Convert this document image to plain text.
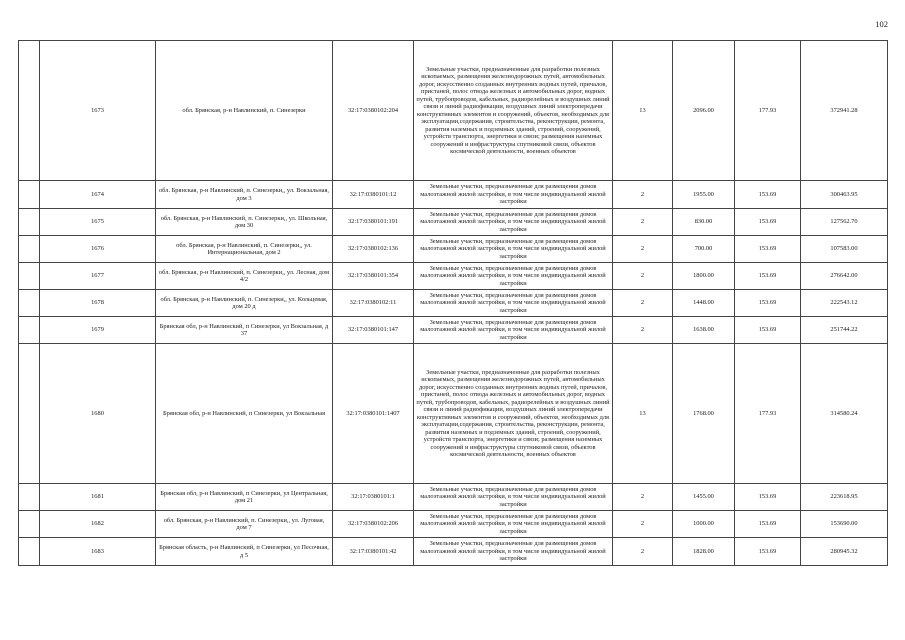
102
	1673	обл. Брянская, р-н Навлинский, п. Синезерки	32:17:0380102:204	Земельные участки, предназначенные для разработки полезных ископаемых, размещения железнодорожных путей, автомобильных дорог, искусственно созданных внутренних водных путей, причалов, пристаней, полос отвода железных и автомобильных дорог, водных путей, трубопроводов, кабельных, радиорелейных и воздушных линий связи и линий радиофикации, воздушных линий электропередачи конструктивных элементов и сооружений, объектов, необходимых для эксплуатации,содержания, строительства, реконструкции, ремонта, развития наземных и подземных зданий, строений, сооружений, устройств транспорта, энергетики и связи; размещения наземных сооружений и инфраструктуры спутниковой связи, объектов космической деятельности, военных объектов	13	2096.00	177.93	372941.28
	1674	обл. Брянская, р-н Навлинский, п. Синезерки,, ул. Вокзальная, дом 3	32:17:0380101:12	Земельные участки, предназначенные для размещения домов малоэтажной жилой застройки, в том числе индивидуальной жилой застройки	2	1955.00	153.69	300463.95
	1675	обл. Брянская, р-н Навлинский, п. Синезерки,, ул. Школьная, дом 30	32:17:0380101:191	Земельные участки, предназначенные для размещения домов малоэтажной жилой застройки, в том числе индивидуальной жилой застройки	2	830.00	153.69	127562.70
	1676	обл. Брянская, р-н Навлинский, п. Синезерки,, ул. Интернациональная, дом 2	32:17:0380102:136	Земельные участки, предназначенные для размещения домов малоэтажной жилой застройки, в том числе индивидуальной жилой застройки	2	700.00	153.69	107583.00
	1677	обл. Брянская, р-н Навлинский, п. Синезерки,, ул. Лесная, дом 4/2	32:17:0380101:354	Земельные участки, предназначенные для размещения домов малоэтажной жилой застройки, в том числе индивидуальной жилой застройки	2	1800.00	153.69	276642.00
	1678	обл. Брянская, р-н Навлинский, п. Синезерки,, ул. Кольцевая, дом 20 д	32:17:0380102:11	Земельные участки, предназначенные для размещения домов малоэтажной жилой застройки, в том числе индивидуальной жилой застройки	2	1448.00	153.69	222543.12
	1679	Брянская обл, р-н Навлинский, п Синезерки, ул Вокзальная, д 37	32:17:0380101:147	Земельные участки, предназначенные для размещения домов малоэтажной жилой застройки, в том числе индивидуальной жилой застройки	2	1638.00	153.69	251744.22
	1680	Брянская обл, р-н Навлинский, п Синезерки, ул Вокзальная	32:17:0380101:1407	Земельные участки, предназначенные для разработки полезных ископаемых, размещения железнодорожных путей, автомобильных дорог, искусственно созданных внутренних водных путей, причалов, пристаней, полос отвода железных и автомобильных дорог, водных путей, трубопроводов, кабельных, радиорелейных и воздушных линий связи и линий радиофикации, воздушных линий электропередачи конструктивных элементов и сооружений, объектов, необходимых для эксплуатации,содержания, строительства, реконструкции, ремонта, развития наземных и подземных зданий, строений, сооружений, устройств транспорта, энергетики и связи; размещения наземных сооружений и инфраструктуры спутниковой связи, объектов космической деятельности, военных объектов	13	1768.00	177.93	314580.24
	1681	Брянская обл, р-н Навлинский, п Синезерки, ул Центральная, дом 21	32:17:0380101:1	Земельные участки, предназначенные для размещения домов малоэтажной жилой застройки, в том числе индивидуальной жилой застройки	2	1455.00	153.69	223618.95
	1682	обл. Брянская, р-н Навлинский, п. Синезерки,, ул. Луговая, дом 7	32:17:0380102:206	Земельные участки, предназначенные для размещения домов малоэтажной жилой застройки, в том числе индивидуальной жилой застройки	2	1000.00	153.69	153690.00
	1683	Брянская область, р-н Навлинский, п Синезерки, ул Песочная, д 5	32:17:0380101:42	Земельные участки, предназначенные для размещения домов малоэтажной жилой застройки, в том числе индивидуальной жилой застройки	2	1828.00	153.69	280945.32
